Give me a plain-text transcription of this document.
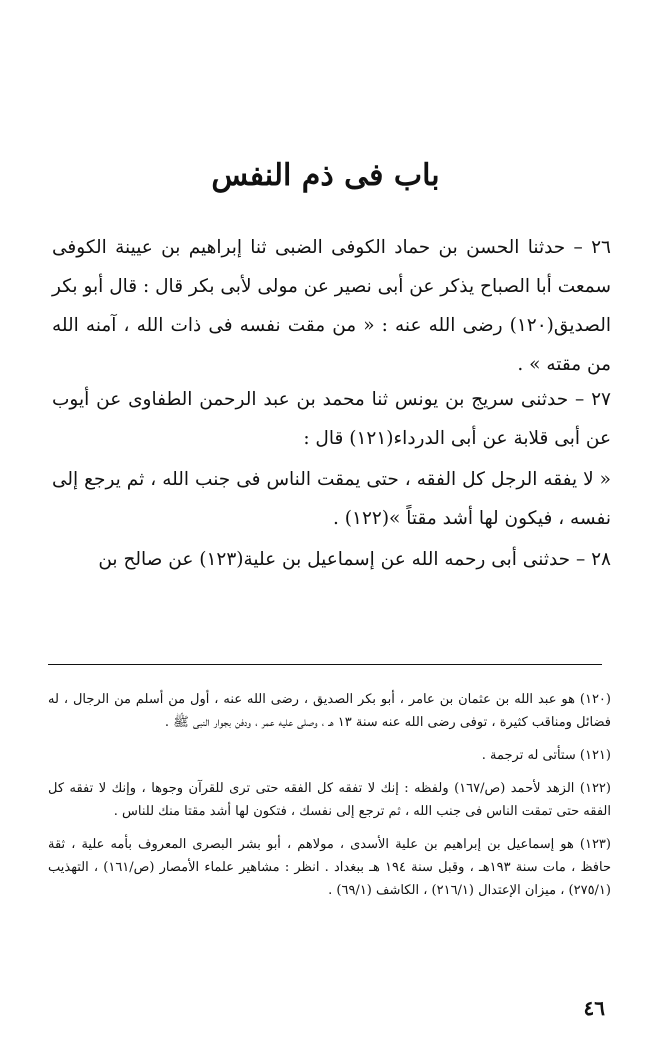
باب فى ذم النفس
٢٦ – حدثنا الحسن بن حماد الكوفى الضبى ثنا إبراهيم بن عيينة الكوفى سمعت أبا الصباح يذكر عن أبى نصير عن مولى لأبى بكر قال : قال أبو بكر الصديق(١٢٠) رضى الله عنه : « من مقت نفسه فى ذات الله ، آمنه الله من مقته » .
٢٧ – حدثنى سريج بن يونس ثنا محمد بن عبد الرحمن الطفاوى عن أيوب عن أبى قلابة عن أبى الدرداء(١٢١) قال :
« لا يفقه الرجل كل الفقه ، حتى يمقت الناس فى جنب الله ، ثم يرجع إلى نفسه ، فيكون لها أشد مقتاً »(١٢٢) .
٢٨ – حدثنى أبى رحمه الله عن إسماعيل بن علية(١٢٣) عن صالح بن
(١٢٠) هو عبد الله بن عثمان بن عامر ، أبو بكر الصديق ، رضى الله عنه ، أول من أسلم من الرجال ، له فضائل ومناقب كثيرة ، توفى رضى الله عنه سنة ١٣ هـ ، وصلى عليه عمر ، ودفن بجوار النبى ﷺ .
(١٢١) ستأتى له ترجمة .
(١٢٢) الزهد لأحمد (ص/١٦٧) ولفظه : إنك لا تفقه كل الفقه حتى ترى للقرآن وجوها ، وإنك لا تفقه كل الفقه حتى تمقت الناس فى جنب الله ، ثم ترجع إلى نفسك ، فتكون لها أشد مقتا منك للناس .
(١٢٣) هو إسماعيل بن إبراهيم بن علية الأسدى ، مولاهم ، أبو بشر البصرى المعروف بأمه علية ، ثقة حافظ ، مات سنة ١٩٣هـ ، وقبل سنة ١٩٤ هـ ببغداد . انظر : مشاهير علماء الأمصار (ص/١٦١) ، التهذيب (٢٧٥/١) ، ميزان الإعتدال (٢١٦/١) ، الكاشف (٦٩/١) .
٤٦
